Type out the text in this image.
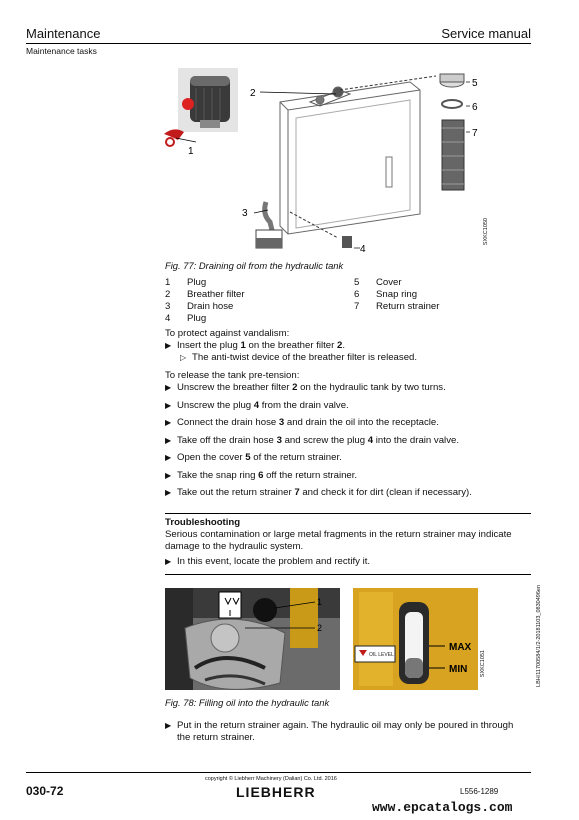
Maintenance	Service manual
Maintenance tasks
1
2
3
4
5
6
7
SXKC1050
Fig. 77: Draining oil from the hydraulic tank
1	Plug
2	Breather filter
3	Drain hose
4	Plug
5	Cover
6	Snap ring
7	Return strainer
To protect against vandalism:
▶ Insert the plug 1 on the breather filter 2.
▷ The anti-twist device of the breather filter is released.
To release the tank pre-tension:
▶ Unscrew the breather filter 2 on the hydraulic tank by two turns.
▶ Unscrew the plug 4 from the drain valve.
▶ Connect the drain hose 3 and drain the oil into the receptacle.
▶ Take off the drain hose 3 and screw the plug 4 into the drain valve.
▶ Open the cover 5 of the return strainer.
▶ Take the snap ring 6 off the return strainer.
▶ Take out the return strainer 7 and check it for dirt (clean if necessary).
Troubleshooting
Serious contamination or large metal fragments in the return strainer may indicate
damage to the hydraulic system.
▶ In this event, locate the problem and rectify it.
1
2
OIL LEVEL
MAX
MIN SXKC1051
Fig. 78: Filling oil into the hydraulic tank
▶ Put in the return strainer again. The hydraulic oil may only be poured in through
the return strainer.
LBH/11700584/1/2-20181103_0830496en
copyright © Liebherr Machinery (Dalian) Co. Ltd. 2016
030-72	LIEBHERR	L556-1289
www.epcatalogs.com
